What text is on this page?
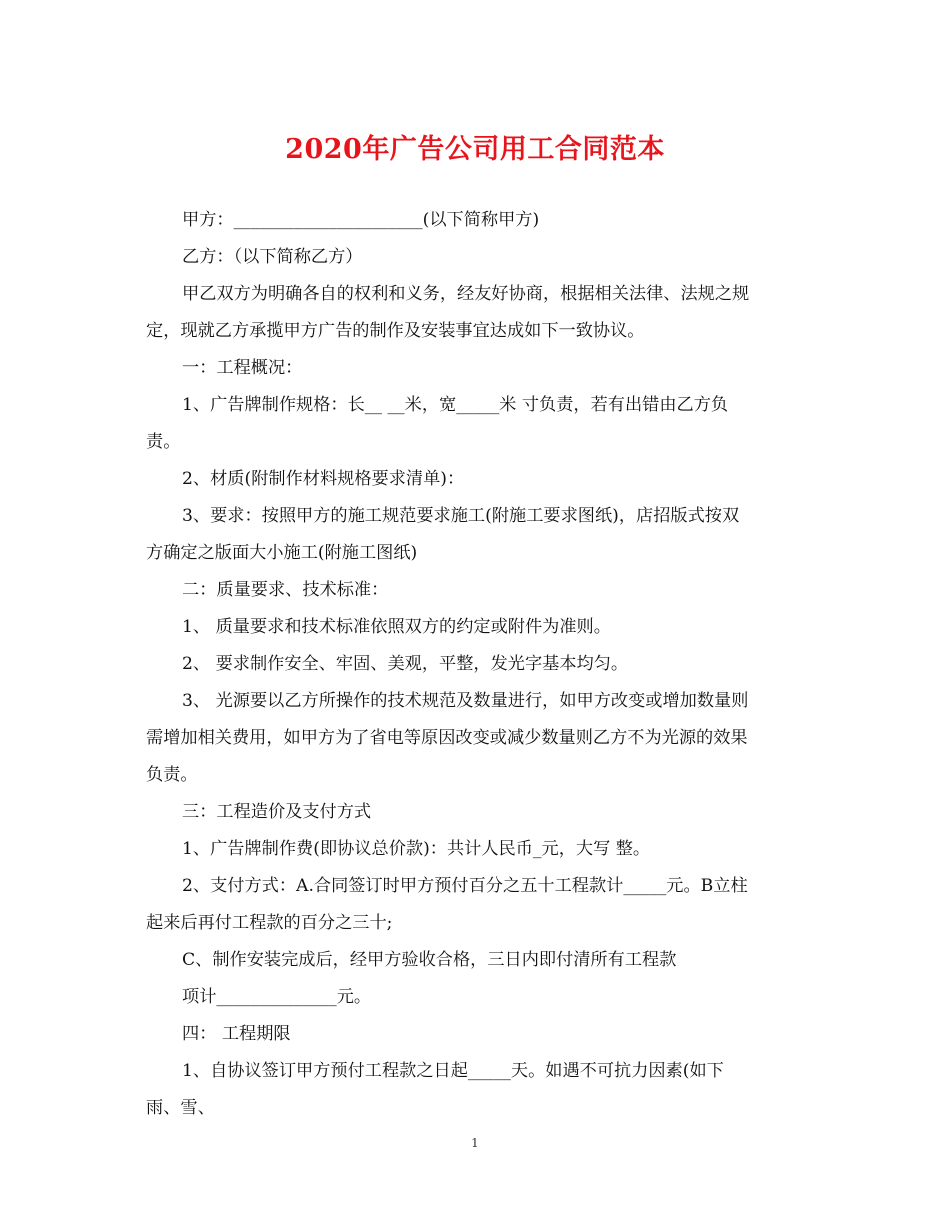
2020年广告公司用工合同范本
甲方：______________________(以下简称甲方)
乙方：（以下简称乙方）
甲乙双方为明确各自的权利和义务，经友好协商，根据相关法律、法规之规
定，现就乙方承揽甲方广告的制作及安装事宜达成如下一致协议。
一：工程概况：
1、广告牌制作规格：长__ __米，宽_____米 寸负责，若有出错由乙方负
责。
2、材质(附制作材料规格要求清单)：
3、要求：按照甲方的施工规范要求施工(附施工要求图纸)，店招版式按双
方确定之版面大小施工(附施工图纸)
二：质量要求、技术标准：
1、 质量要求和技术标准依照双方的约定或附件为准则。
2、 要求制作安全、牢固、美观，平整，发光字基本均匀。
3、 光源要以乙方所操作的技术规范及数量进行，如甲方改变或增加数量则
需增加相关费用，如甲方为了省电等原因改变或减少数量则乙方不为光源的效果
负责。
三：工程造价及支付方式
1、广告牌制作费(即协议总价款)：共计人民币_元，大写 整。
2、支付方式：A.合同签订时甲方预付百分之五十工程款计_____元。B立柱
起来后再付工程款的百分之三十;
C、制作安装完成后，经甲方验收合格，三日内即付清所有工程款
项计______________元。
四： 工程期限
1、自协议签订甲方预付工程款之日起_____天。如遇不可抗力因素(如下
雨、雪、
1
